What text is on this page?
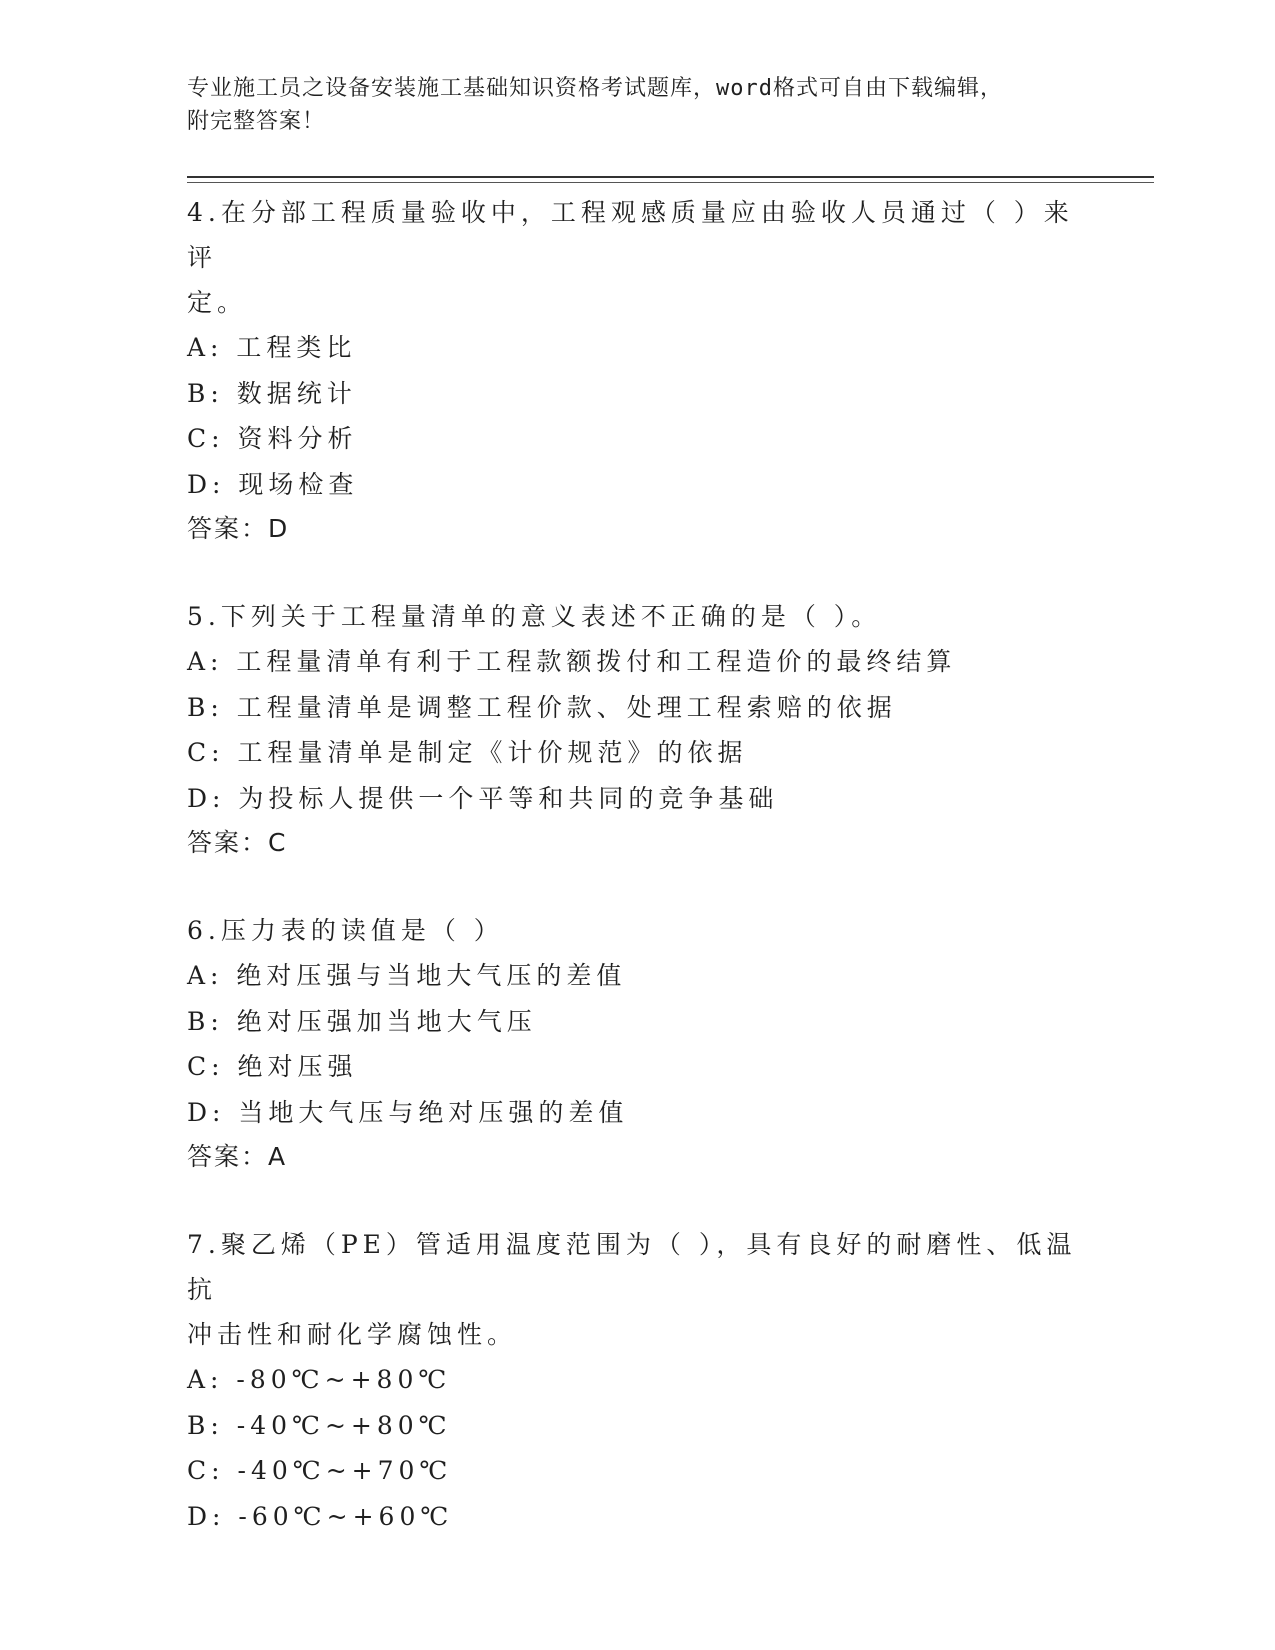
专业施工员之设备安装施工基础知识资格考试题库，word格式可自由下载编辑，
附完整答案！

4.在分部工程质量验收中，工程观感质量应由验收人员通过（ ）来评

定。

A: 工程类比

B: 数据统计

C: 资料分析

D: 现场检查

答案：D

5.下列关于工程量清单的意义表述不正确的是（ ）。

A: 工程量清单有利于工程款额拨付和工程造价的最终结算

B: 工程量清单是调整工程价款、处理工程索赔的依据

C: 工程量清单是制定《计价规范》的依据

D: 为投标人提供一个平等和共同的竞争基础

答案：C

6.压力表的读值是（ ）

A: 绝对压强与当地大气压的差值

B: 绝对压强加当地大气压

C: 绝对压强

D: 当地大气压与绝对压强的差值

答案：A

7.聚乙烯（PE）管适用温度范围为（ ），具有良好的耐磨性、低温抗

冲击性和耐化学腐蚀性。

A: -80℃~+80℃

B: -40℃~+80℃

C: -40℃~+70℃

D: -60℃~+60℃
